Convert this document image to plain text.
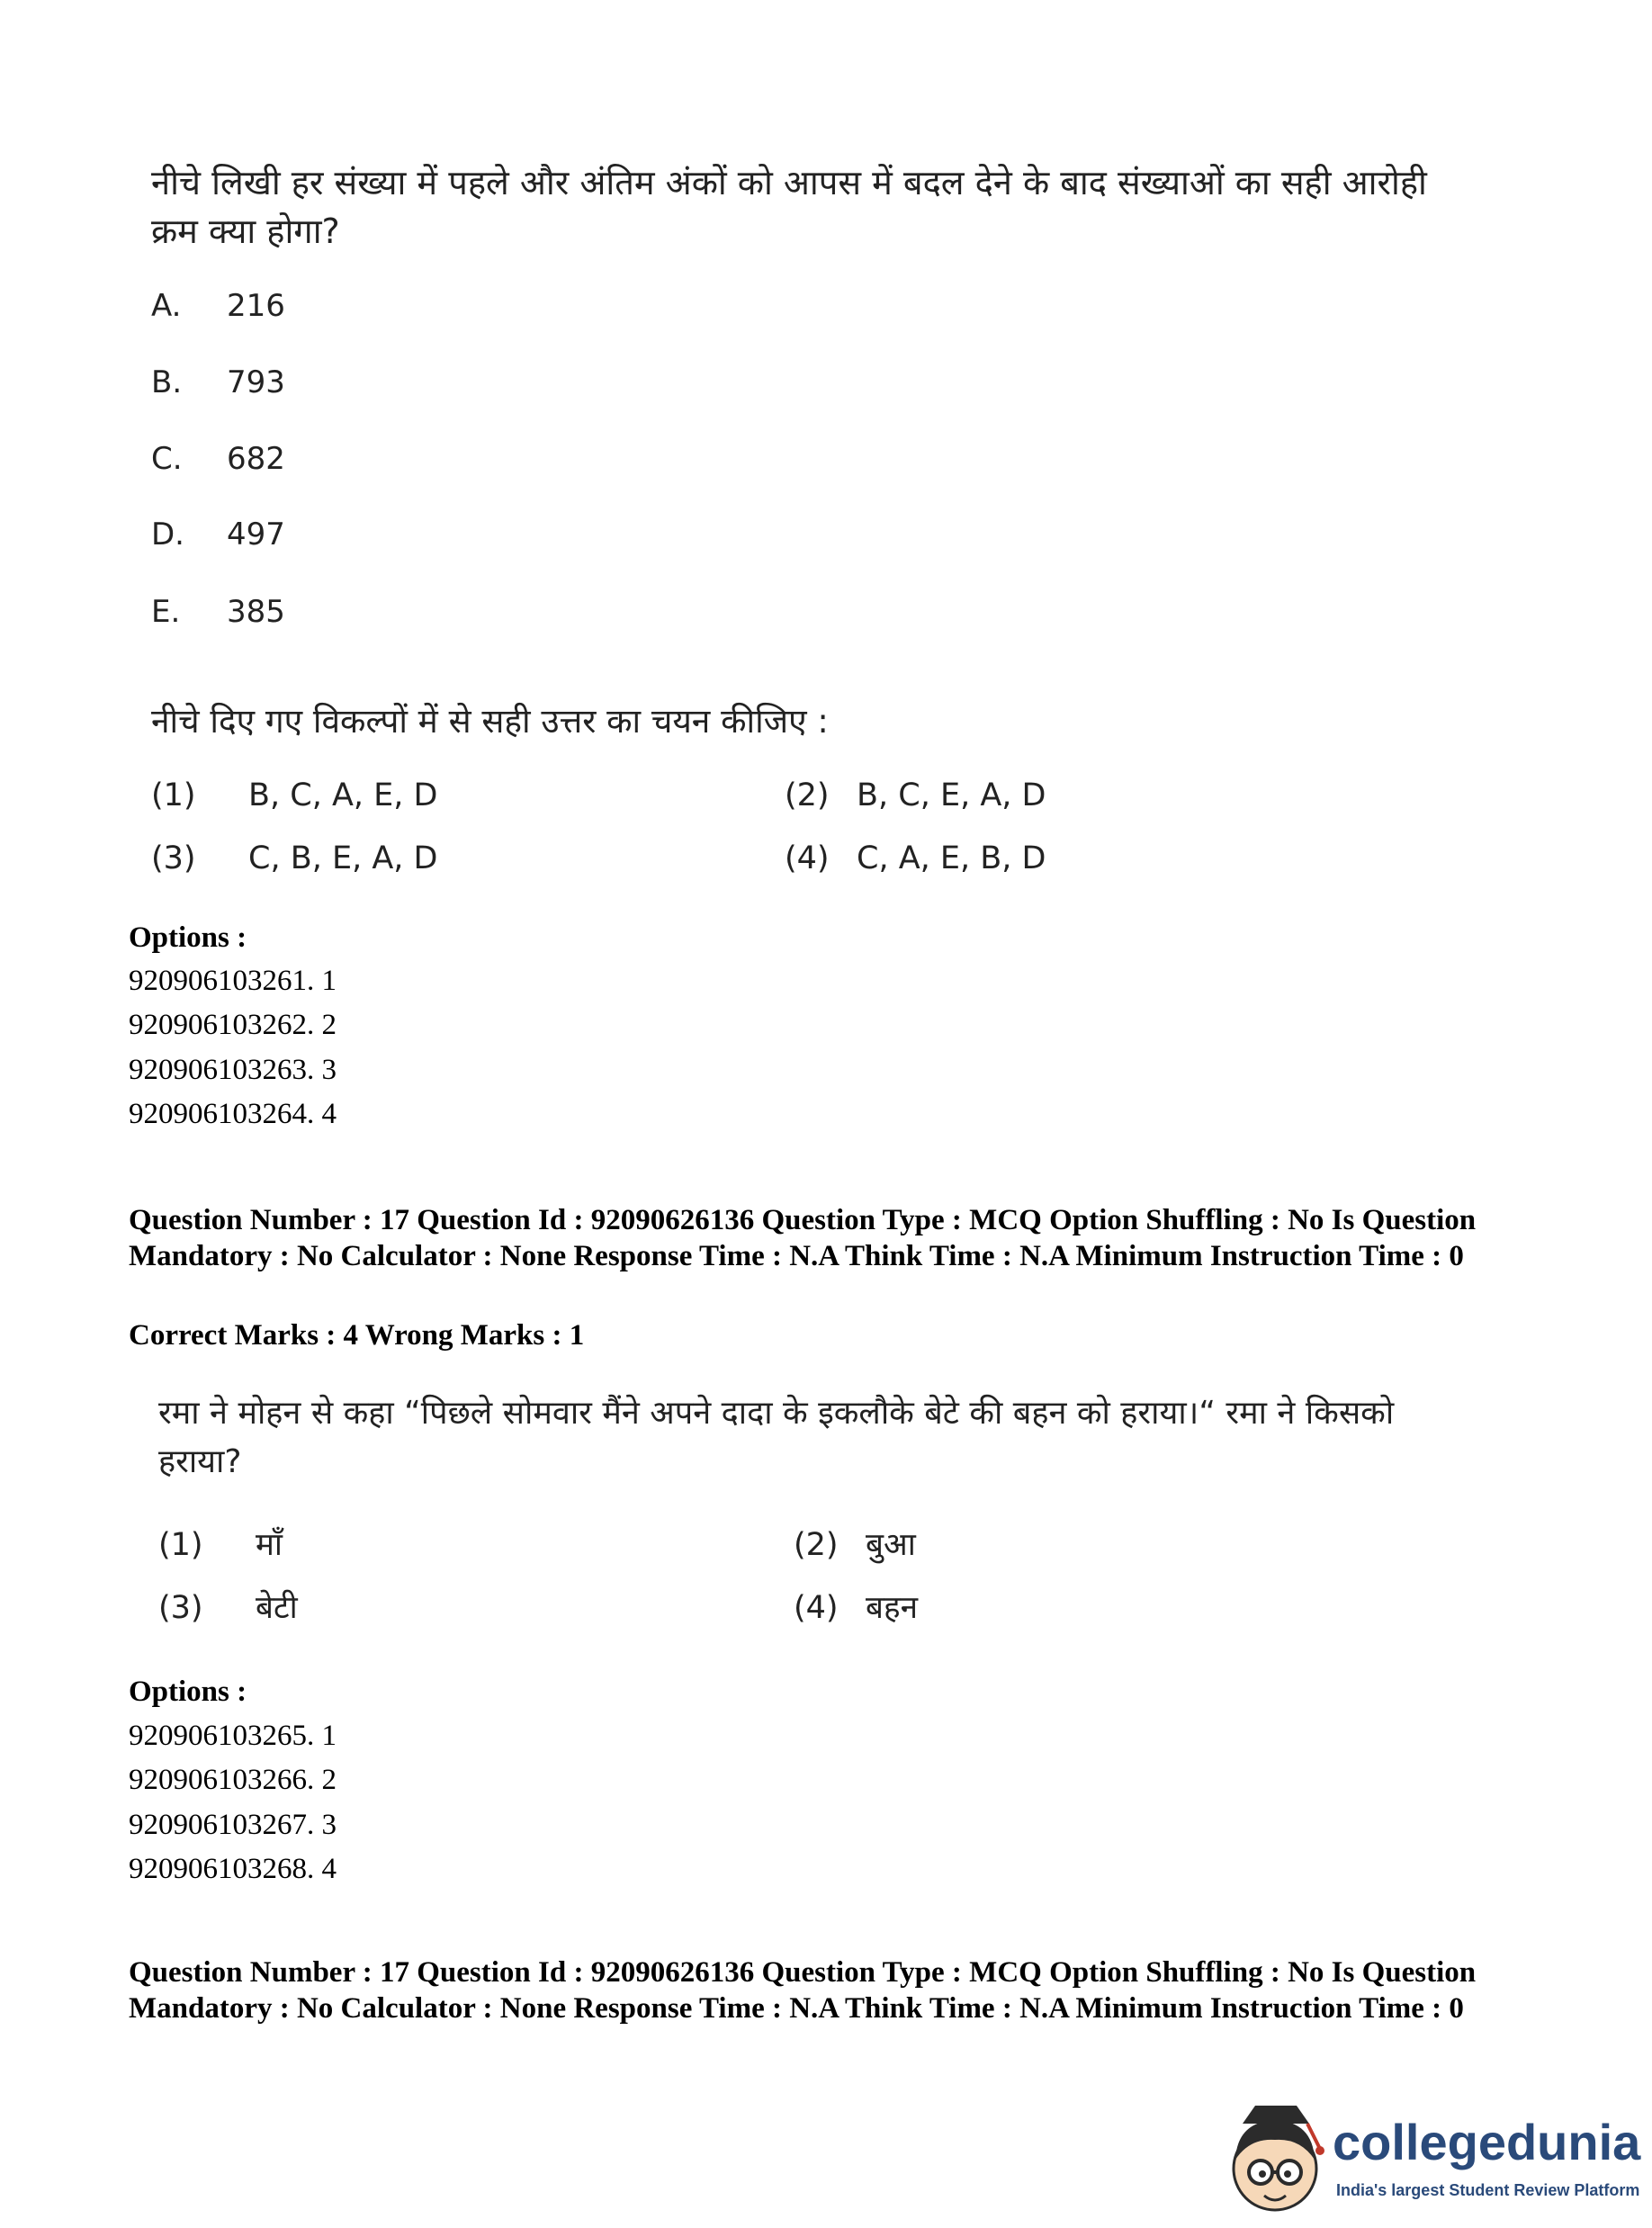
नीचे लिखी हर संख्या में पहले और अंतिम अंकों को आपस में बदल देने के बाद संख्याओं का सही आरोही क्रम क्या होगा?
A. 216
B. 793
C. 682
D. 497
E. 385
नीचे दिए गए विकल्पों में से सही उत्तर का चयन कीजिए :
(1) B, C, A, E, D	(2) B, C, E, A, D
(3) C, B, E, A, D	(4) C, A, E, B, D
Options :
920906103261. 1
920906103262. 2
920906103263. 3
920906103264. 4
Question Number : 17 Question Id : 92090626136 Question Type : MCQ Option Shuffling : No Is Question Mandatory : No Calculator : None Response Time : N.A Think Time : N.A Minimum Instruction Time : 0
Correct Marks : 4 Wrong Marks : 1
रमा ने मोहन से कहा “पिछले सोमवार मैंने अपने दादा के इकलौके बेटे की बहन को हराया।“ रमा ने किसको हराया?
(1) माँ	(2) बुआ
(3) बेटी	(4) बहन
Options :
920906103265. 1
920906103266. 2
920906103267. 3
920906103268. 4
Question Number : 17 Question Id : 92090626136 Question Type : MCQ Option Shuffling : No Is Question Mandatory : No Calculator : None Response Time : N.A Think Time : N.A Minimum Instruction Time : 0
collegedunia
India's largest Student Review Platform
